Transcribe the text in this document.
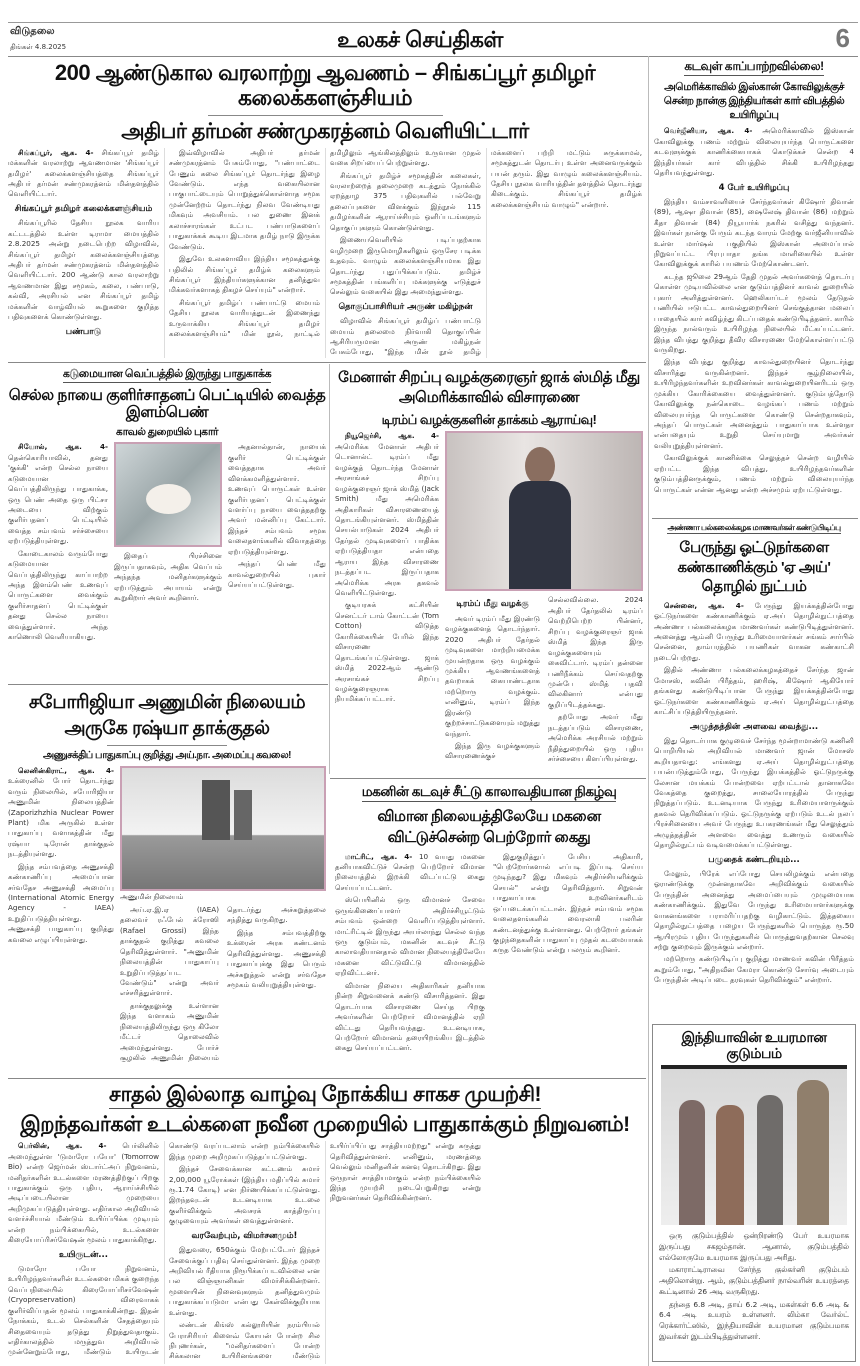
விடுதலை
திங்கள் 4.8.2025	உலகச் செய்திகள்	6
200 ஆண்டுகால வரலாற்று ஆவணம் – சிங்கப்பூர் தமிழர் கலைக்களஞ்சியம்
அதிபர் தர்மன் சண்முகரத்னம் வெளியிட்டார்

சிங்கப்பூர், ஆக. 4- சிங்கப்பூர் தமிழ் மக்களின் வரலாற்று ஆவணமான 'சிங்கப்பூர் தமிழர்' கலைக்களஞ்சியத்தை சிங்கப்பூர் அதிபர் தர்மன் சண்முகரத்னம் மின்தளத்தில் வெளியிட்டார்.

சிங்கப்பூர் தமிழர் கலைக்களஞ்சியம்

சிங்கப்பூரில் தேசிய நூலக வாரிய கட்டடத்தில் உள்ள டிராமா மையத்தில் 2.8.2025 அன்று நடைபெற்ற விழாவில், சிங்கப்பூர் தமிழர் கலைக்களஞ்சியத்தை அதிபர் தர்மன் சண்முகரத்னம் மின்தளத்தில் வெளியிட்டார். 200 ஆண்டு கால வரலாற்று ஆவணமான இது சமூகம், கலை, பண்பாடு, கல்வி, அரசியல் என சிங்கப்பூர் தமிழ் மக்களின் வாழ்வியல் கூறுகளை குறித்த பதிவுகளைக் கொண்டுள்ளது.

பண்பாடு

இவ்விழாவில் அதிபர் தர்மன் சண்முகரத்னம் பேசும்போது, "பண்பாட்டை பேணும் கலை சிங்கப்பூர் தொடர்ந்து இழை வேண்டும். எந்த வகையிலான பாகுபாட்டையும் பொறுத்துக்கொள்ளாத சமூக முன்னேற்றம் தொடர்ந்து நிலவ வேண்டியது மிகவும் அவசியம். பல துணை இனக் கலாச்சாரங்கள் உட்பட பண்பாடுகளைப் பாதுகாக்கக் கூடிய இடமாக தமிழ் நாடு இருக்க வேண்டும்.

இதுவே உலகளாவிய இந்திய சமூகத்துக்கு பதிலில் சிங்கப்பூர் தமிழ்க் கலைகளும் சிங்கப்பூர் இந்தியர்களுக்கான தனித்துவ மிக்கவர்களாகத் திகழச் செய்யும்" என்றார்.

சிங்கப்பூர் தமிழ்ப் பண்பாட்டு மையம் தேசிய நூலக வாரியத்துடன் இணைந்து உருவாக்கிய சிங்கப்பூர் தமிழர் கலைக்களஞ்சியம்" மின் நூல், நாட்டில் தமிழிலும் ஆங்கிலத்திலும் உருவான முதல் வகை சிறப்பைப் பெற்றுள்ளது.

சிங்கப்பூர் தமிழ்ச் சமூகத்தின் கலைகள், வரலாற்றைத் தலைமுறை கடத்தும் நோக்கில் ஏறத்தாழ 375 பதிவுகளில் பல்வேறு தலைப்புகளை விளக்கும் இந்நூல் 115 தமிழர்களின் ஆராய்ச்சியும் ஒளிப்படங்களும் தொகுப்புகளும் கொண்டுள்ளது.

இணையவெளியில் படிப்பதற்காக வழிமுறை இருமொழிகளிலும் ஒருசேர படிக்க உதவும். வாழும் கலைக்களஞ்சியமாக இது தொடர்ந்து புதுப்பிக்கப்படும். தமிழ்ச் சமூகத்தின் பங்களிப்பு மக்களுக்கு எடுத்துச் செல்லும் வகையில் இது அமைந்துள்ளது.

தொகுப்பாசிரியர் அருண் மகிழ்நன்

விழாவில் சிங்கப்பூர் தமிழ்ப் பண்பாட்டு மையம் தலைமை நிர்வாகி தொகுப்பின் ஆசிரியருமான அருண் மகிழ்நன் பேசும்போது, "இந்த மின் நூல் தமிழ் மக்களைப் பற்றி மட்டும் சுருக்காமல், சமூகத்துடன் தொடர்பு உள்ள அனைவருக்கும் பயன் தரும். இது வாழும் கலைக்களஞ்சியம். தேசிய நூலக வாரியத்தின் தளத்தில் தொடர்ந்து கிடைக்கும். சிங்கப்பூர் தமிழ்க் கலைக்களஞ்சியம் வாழும்" என்றார்.

கடவுள் காப்பாற்றவில்லை!
அமெரிக்காவில் இஸ்கான் கோவிலுக்குச் சென்ற நான்கு இந்தியர்கள் கார் விபத்தில் உயிரிழப்பு

வெர்ஜீனியா, ஆக. 4- அமெரிக்காவில் இஸ்கான் கோவிலுக்கு பணம் மற்றும் விலையுயர்ந்த பொருட்களை கடவுளுக்குக் காணிக்கையாகக் கொடுக்கச் சென்ற 4 இந்தியர்கள் கார் விபத்தில் சிக்கி உயிரிழந்தது தெரியவந்துள்ளது.

4 பேர் உயிரிழப்பு

இந்திய வம்சாவளியைச் சேர்ந்தவர்கள் கிஷோர் திவான் (89), ஆஷா திவான் (85), ஷைலேஷ் திவான் (86) மற்றும் கீதா திவான் (84) நியூயார்க் நகரில் வசித்து வந்தனர். இவர்கள் நான்கு பேரும் கடந்த வாரம் மேற்கு வர்ஜீனியாவில் உள்ள மார்ஷல் பகுதியில் இஸ்கான் அமைப்பால் நிறுவப்பட்ட பிரபுபாதா தங்க மாளிகையில் உள்ள கோவிலுக்குக் காரில் பயணம் மேற்கொண்டனர்.

கடந்த ஜூலை 29ஆம் தேதி முதல் அவர்களைத் தொடர்பு கொள்ள முடியவில்லை என குடும்பத்தினர் காவல் துறையில் புகார் அளித்துள்ளனர். ஹெலிகாப்டர் மூலம் தேடுதல் பணியில் ஈடுபட்ட காவல்துறையினர் செங்குத்தான மலைப் பாதையில் கார் கவிழ்ந்து கிடப்பதைக் கண்டுபிடித்தனர். காரில் இருந்த நால்வரும் உயிரிழந்த நிலையில் மீட்கப்பட்டனர். இந்த விபத்து குறித்து தீவிர விசாரணை மேற்கொள்ளப்பட்டு வருகிறது.

இந்த விபத்து குறித்து காவல்துறையினர் தொடர்ந்து விசாரித்து வருகின்றனர். இந்தச் சூழ்நிலையில், உயிரிழந்தவர்களின் உறவினர்கள் காவல்துறையினரிடம் ஒரு முக்கிய கோரிக்கையை வைத்துள்ளனர். குடும்பத்தோடு கோவிலுக்கு நன்கொடை வழங்கப் பணம் மற்றும் விலையுயர்ந்த பொருட்களை கொண்டு சென்றதாகவும், அந்தப் பொருட்கள் அனைத்தும் பாதுகாப்பாக உள்ளதா என்பதையும் உறுதி செய்யுமாறு அவர்கள் வலியுறுத்தியுள்ளனர்.

கோவிலுக்குக் காணிக்கை செலுத்தச் சென்ற வழியில் ஏற்பட்ட இந்த விபத்து, உயிரிழந்தவர்களின் குடும்பத்தினருக்கும், பணம் மற்றும் விலையுயர்ந்த பொருட்கள் என்ன ஆனது என்ற அச்சமும் ஏற்பட்டுள்ளது.

அண்ணா பல்கலைக்கழக மாணவர்கள் கண்டுபிடிப்பு
பேருந்து ஓட்டுநர்களை கண்காணிக்கும் 'ஏ அய்' தொழில் நுட்பம்

சென்னை, ஆக. 4- பேருந்து இயக்கத்தின்போது ஓட்டுநர்களை கண்காணிக்கும் ஏ.அய் தொழில்நுட்பத்தை அண்ணா பல்கலைக்கழக மாணவர்கள் கண்டுபிடித்துள்ளனர். அனைத்து ஆம்னி பேருந்து உரிமையாளர்கள் சங்கம் சார்பில் சென்னை, தாம்பரத்தில் பயணிகள் வாகன கண்காட்சி நடைபெற்றது.

இதில் அண்ணா பல்கலைக்கழகத்தைச் சேர்ந்த ஜான் மோசஸ், கவின் பிரீத்தம், ஹரிஷ், கிஷோர் ஆகியோர் தங்களது கண்டுபிடிப்பான பேருந்து இயக்கத்தின்போது ஓட்டுநர்களை கண்காணிக்கும் ஏ.அய் தொழில்நுட்பத்தை காட்சிப்படுத்தியிருந்தனர்.

அழுத்தத்தின் அளவை வைத்து...

இது தொடர்பாக குழுவைச் சேர்ந்த மூன்றாமாண்டு கணினி பொறியியல் அறிவியல் மாணவர் ஜான் மோசஸ் கூறியதாவது: எங்களது ஏ.அய் தொழில்நுட்பத்தை பயன்படுத்தும்போது, பேருந்து இயக்கத்தில் ஓட்டுநருக்கு லேசான மயக்கம் போன்றவை ஏற்பட்டால் தானாகவே வேகத்தை குறைத்து, சாலையோரத்தில் பேருந்து நிறுத்தப்படும். உடனடியாக பேருந்து உரிமையாளருக்கும் தகவல் தெரிவிக்கப்படும். ஓட்டுநருக்கு ஏற்படும் உடல் நலப் பிரச்சினையை அவர் பேருந்து உபகரணங்கள் மீது செலுத்தும் அழுத்தத்தின் அளவை வைத்து உணரும் வகையில் தொழில்நுட்பம் வடிவமைக்கப்பட்டுள்ளது.

பழுதைக் கண்டறியும்...

மேலும், பிரேக் எப்போது செயலிழக்கும் என்பதை ஓராண்டுக்கு முன்னதாகவே அறிவிக்கும் வகையில் பேருந்தின் அனைத்து அமைப்பையும் முழுமையாக கண்காணிக்கும். இதுவே பேருந்து உரிமையாளர்களுக்கு வாகனங்களை பராமரிப்பதற்கு வழிகாட்டும். இத்தகைய தொழில்நுட்பத்தை பழைய பேருந்துகளில் பொருத்த ரூ.50 ஆயிரமும் புதிய பேருந்துகளில் பொருத்துவதற்கான செலவு சற்று குறைவும் இருக்கும் என்றார்.

மற்றொரு கண்டுபிடிப்பு குறித்து மாணவர் கவின் பிரீத்தம் கூறும்போது, "அதிநவீன கேமரா கொண்டு சோர்வு அடையும் பேருந்தின் அடிப்படை தரவுகள் தெரிவிக்கும்" என்றார்.

இந்தியாவின் உயரமான குடும்பம்

ஒரு குடும்பத்தில் ஒன்றிரண்டு பேர் உயரமாக இருப்பது சகஜம்தான். ஆனால், குடும்பத்தில் எல்லோருமே உயரமாக இருப்பது அரிது.

மகாராட்டிராவை சேர்ந்த குல்கர்னி குடும்பம் அதிலொன்று. ஆம், குடும்பத்தினர் நால்வரின் உயரத்தை கூட்டினால் 26 அடி வருகிறது.

தந்தை 6.8 அடி, தாய் 6.2 அடி, மகள்கள் 6.6 அடி & 6.4 அடி உயரம் உள்ளனர். லிம்கா வேர்ல்ட் ரெக்கார்ட்ஸில், இந்தியாவின் உயரமான குடும்பமாக இவர்கள் இடம்பிடித்துள்ளனர்.

கடுமையான வெப்பத்தில் இருந்து பாதுகாக்க
செல்ல நாயை குளிர்சாதனப் பெட்டியில் வைத்த இளம்பெண்
காவல் துறையில் புகார்

சியோல், ஆக. 4- தென்கொரியாவில், தனது 'குக்கி' என்ற செல்ல நாயை கடுமையான வெப்பத்திலிருந்து பாதுகாக்க, ஒரு பெண் அதை ஒரு பிட்சா அடையை விற்கும் குளிர்பதனப் பெட்டியில் வைத்த சம்பவம் சர்ச்சையை ஏற்படுத்தியுள்ளது.

கோடைகாலம் வரும்போது கடுமையான வெப்பத்திலிருந்து காப்பாற்ற அந்த இளம்பெண் உணவுப் பொருட்களை வைக்கும் குளிர்சாதனப் பெட்டிக்குள் தனது செல்ல நாயை வைத்துள்ளார். அந்த காணொலி வெளியாகியது.

இதைப் பிரச்சினை இருப்பதாகவும், அதிக வெப்பம் அந்தந்த மனிதர்களுக்கும் ஏற்படுத்தும் அபாயம் என்று கூறுகிறார் அவர் கூறினார்.

அதனால்தான், நாயைக் குளிர் பெட்டிக்குள் வைத்ததாக அவர் விளக்கமளித்துள்ளார். உணவுப் பொருட்கள் உள்ள குளிர்பதனப் பெட்டிக்குள் வளர்ப்பு நாயை வைத்ததற்கு அவர் மன்னிப்பு கேட்டார். இந்தச் சம்பவம் சமூக வலைதளங்களில் விவாதத்தை ஏற்படுத்தியுள்ளது.

அந்தப் பெண் மீது காவல்துறையில் புகார் செய்யப்பட்டுள்ளது.

மேனாள் சிறப்பு வழக்குரைஞர் ஜாக் ஸ்மித் மீது அமெரிக்காவில் விசாரணை
டிரம்ப் வழக்குகளின் தாக்கம் ஆராய்வு!

நியூஜெர்சி, ஆக. 4- அமெரிக்க மேனாள் அதிபர் டொனால்ட் டிரம்ப் மீது வழக்குத் தொடர்ந்த மேனாள் அரசாங்கச் சிறப்பு வழக்குரைஞர் ஜாக் ஸ்மித் (Jack Smith) மீது அமெரிக்க அதிகாரிகள் விசாரணையைத் தொடங்கியுள்ளனர். ஸ்மித்தின் செயல்பாடுகள் 2024 அதிபர் தேர்தல் முடிவுகளைப் பாதிக்க ஏற்படுத்தியதா என்பதை ஆராய இந்த விசாரணை நடத்தப்பட இருப்பதாக அமெரிக்க அரசு தகவல் வெளியிட்டுள்ளது.

குடியரசுக் கட்சியின் செனட்டர் டாம் கோட்டன் (Tom Cotton) விடுத்த கோரிக்கையின் பேரில் இந்த விசாரணை தொடங்கப்பட்டுள்ளது. ஜாக் ஸ்மித் 2022ஆம் ஆண்டு அரசாங்கச் சிறப்பு வழக்குரைஞராக நியமிக்கப்பட்டார்.

டிரம்ப் மீது வழக்கு

அவர் டிரம்ப் மீது இரண்டு வழக்குகளைத் தொடர்ந்தார். 2020 அதிபர் தேர்தல் முடிவுகளை மாற்றியமைக்க முயன்றதாக ஒரு வழக்கும் முக்கிய ஆவணங்களைத் தவறாகக் கையாண்டதாக மற்றொரு வழக்கும். எனினும், டிரம்ப் இந்த இரண்டு குற்றச்சாட்டுகளையும் மறுத்து வந்தார்.

இந்த இரு வழக்குகளும் விசாரணைக்குச் செல்லவில்லை. 2024 அதிபர் தேர்தலில் டிரம்ப் வெற்றிபெற்ற பின்னர், சிறப்பு வழக்குரைஞர் ஜாக் ஸ்மித் இந்த இரு வழக்குகளையும் கைவிட்டார். டிரம்ப் தன்னை பணிநீக்கம் செய்வதற்கு முன்பே ஸ்மித் பதவி விலகினார் என்பது குறிப்பிடத்தக்கது.

தற்போது அவர் மீது நடத்தப்படும் விசாரணை, அமெரிக்க அரசியல் மற்றும் நீதித்துறையில் ஒரு புதிய சர்ச்சையை கிளப்பியுள்ளது.

சபோரிஜியா அணுமின் நிலையம் அருகே ரஷ்யா தாக்குதல்
அணுசக்திப் பாதுகாப்பு குறித்து அய்.நா. அமைப்பு கவலை!

லெனின்கிராட், ஆக. 4- உக்ரைனில் போர் தொடர்ந்து வரும் நிலையில், சபோரிஜியா அணுமின் நிலையத்தின் (Zaporizhzhia Nuclear Power Plant) மிக அருகில் உள்ள பாதுகாப்பு வளாகத்தின் மீது ரஷ்யா டிரோன் தாக்குதல் நடத்தியுள்ளது.

இந்த சம்பவத்தை அணுசக்தி கண்காணிப்பு அமைப்பான சர்வதேச அணுசக்தி அமைப்பு (International Atomic Energy Agency - IAEA) உறுதிப்படுத்தியுள்ளது. அணுசக்தி பாதுகாப்பு குறித்து கவலை எழுப்பியுள்ளது.

அணுமின் நிலையம்

அய்.ஏ.இ.ஏ (IAEA) தலைவர் ரஃபேல் க்ரோஸி (Rafael Grossi) இந்த தாக்குதல் குறித்து கவலை தெரிவித்துள்ளார். "அணுமின் நிலையத்தின் பாதுகாப்பு உறுதிப்படுத்தப்பட வேண்டும்" என்று அவர் எச்சரித்துள்ளார்.

தாக்குதலுக்கு உள்ளான இந்த வளாகம் அணுமின் நிலையத்திலிருந்து ஒரு கிலோ மீட்டர் தொலைவில் அமைந்துள்ளது. போர்ச் சூழலில் அணுமின் நிலையம் தொடர்ந்து அச்சுறுத்தலை சந்தித்து வருகிறது.

இந்த சம்பவத்திற்கு உக்ரைன் அரசு கண்டனம் தெரிவித்துள்ளது. அணுசக்தி பாதுகாப்புக்கு இது பெரும் அச்சுறுத்தல் என்று சர்வதேச சமூகம் வலியுறுத்தியுள்ளது.

மகனின் கடவுச் சீட்டு காலாவதியான நிகழ்வு
விமான நிலையத்திலேயே மகனை விட்டுச்சென்ற பெற்றோர் கைது

மாட்ரிட், ஆக. 4- 10 வயது மகனை தனியாகவிட்டுச் சென்ற பெற்றோர் விமான நிலையத்தில் இறக்கி விடப்பட்டு கைது செய்யப்பட்டனர்.

ஸ்பெயினில் ஒரு விமானச் சேவை ஒருங்கிணைப்பாளர் அதிர்ச்சியூட்டும் சம்பவம் ஒன்றை வெளிப்படுத்தியுள்ளார். மாட்ரிட்டில் இருந்து அயர்லாந்து செல்ல வந்த ஒரு குடும்பம், மகனின் கடவுச் சீட்டு காலாவதியானதால் விமான நிலையத்திலேயே மகனை விட்டுவிட்டு விமானத்தில் ஏறிவிட்டனர்.

விமான நிலைய அதிகாரிகள் தனியாக நின்ற சிறுவனைக் கண்டு விசாரித்தனர். இது தொடர்பாக விசாரணை செய்த பிறகு அவர்களின் பெற்றோர் விமானத்தில் ஏறி விட்டது தெரியவந்தது. உடனடியாக, பெற்றோர் விமானம் தரையிறங்கிய இடத்தில் கைது செய்யப்பட்டனர்.

இதுகுறித்துப் பேசிய அதிகாரி, "பெற்றோர்களால் எப்படி இப்படி செய்ய முடிந்தது? இது மிகவும் அதிர்ச்சியளிக்கும் செயல்" என்று தெரிவித்தார். சிறுவன் பாதுகாப்பாக உறவினர்களிடம் ஒப்படைக்கப்பட்டான். இந்தச் சம்பவம் சமூக வலைதளங்களில் வைரலாகி பலரின் கண்டனத்துக்கு உள்ளானது. பெற்றோர் தங்கள் குழந்தைகளின் பாதுகாப்பு முதல் கடமையாகக் கருத வேண்டும் என்று பலரும் கூறினர்.

சாதல் இல்லாத வாழ்வு நோக்கிய சாகச முயற்சி!
இறந்தவர்கள் உடல்களை நவீன முறையில் பாதுகாக்கும் நிறுவனம்!

பெர்லின், ஆக. 4- பெர்லினில் அமைந்துள்ள 'டுமாரோ பயோ' (Tomorrow Bio) என்ற ஜெர்மன் ஸ்டார்ட்அப் நிறுவனம், மனிதர்களின் உடல்களை மரணத்திற்குப் பிறகு பாதுகாக்கும் ஒரு புதிய, ஆராய்ச்சியில் அடிப்படையிலான முறையை அறிமுகப்படுத்தியுள்ளது. எதிர்கால அறிவியல் வளர்ச்சியால் மீண்டும் உயிர்ப்பிக்க முடியும் என்ற நம்பிக்கையில், உடல்களை கிரையோப்ரிசர்வேஷன் மூலம் பாதுகாக்கிறது.

உயிருடன்...

டுமாரோ பயோ நிறுவனம், உயிரிழந்தவர்களின் உடல்களை மிகக் குறைந்த வெப்பநிலையில் கிரையோப்ரிசர்வேஷன் (Cryopreservation) விரைவாகக் குளிர்விப்பதன் மூலம் பாதுகாக்கின்றது. இதன் நோக்கம், உடல் செல்களின் சேதத்தையும் சிதைவையும் தடுத்து நிறுத்துவதாகும். எதிர்காலத்தில் மருத்துவ அறிவியல் முன்னேறும்போது, மீண்டும் உயிருடன் கொண்டு வரப்படலாம் என்ற நம்பிக்கையில் இந்த முறை அறிமுகப்படுத்தப்பட்டுள்ளது.

இந்தச் சேவைக்கான கட்டணம் சுமார் 2,00,000 யூரோக்கள் (இந்திய மதிப்பில் சுமார் ரூ.1.74 கோடி) என நிர்ணயிக்கப்பட்டுள்ளது. இறந்தவுடன் உடனடியாக உடலை குளிர்விக்கும் அவசரக் காத்திருப்பு குழுவையும் அவர்கள் வைத்துள்ளனர்.

வரவேற்பும், விமர்சனமும்!

இதுவரை, 650க்கும் மேற்பட்டோர் இந்தச் சேவைக்குப் பதிவு செய்துள்ளனர். இந்த முறை அறிவியல் ரீதியாக நிரூபிக்கப்படவில்லை என பல விஞ்ஞானிகள் விமர்சிக்கின்றனர். மூளையின் நினைவுகளும் தனித்துவமும் பாதுகாக்கப்படுமா என்பது கேள்விக்குறியாக உள்ளது.

லண்டன் கிங்ஸ் கல்லூரியின் நரம்பியல் பேராசிரியர் கிளைவ் கோயன் போன்ற சில நிபுணர்கள், "மனிதர்களைப் போன்ற சிக்கலான உயிரினங்களை மீண்டும் உயிர்ப்பிப்பது சாத்தியமற்றது" என்று கருத்து தெரிவித்துள்ளனர். எனினும், மரணத்தை வெல்லும் மனிதனின் கனவு தொடர்கிறது. இது ஒருநாள் சாத்தியமாகும் என்ற நம்பிக்கையில் இந்த முயற்சி நடைபெறுகிறது என்று நிறுவனர்கள் தெரிவிக்கின்றனர்.
